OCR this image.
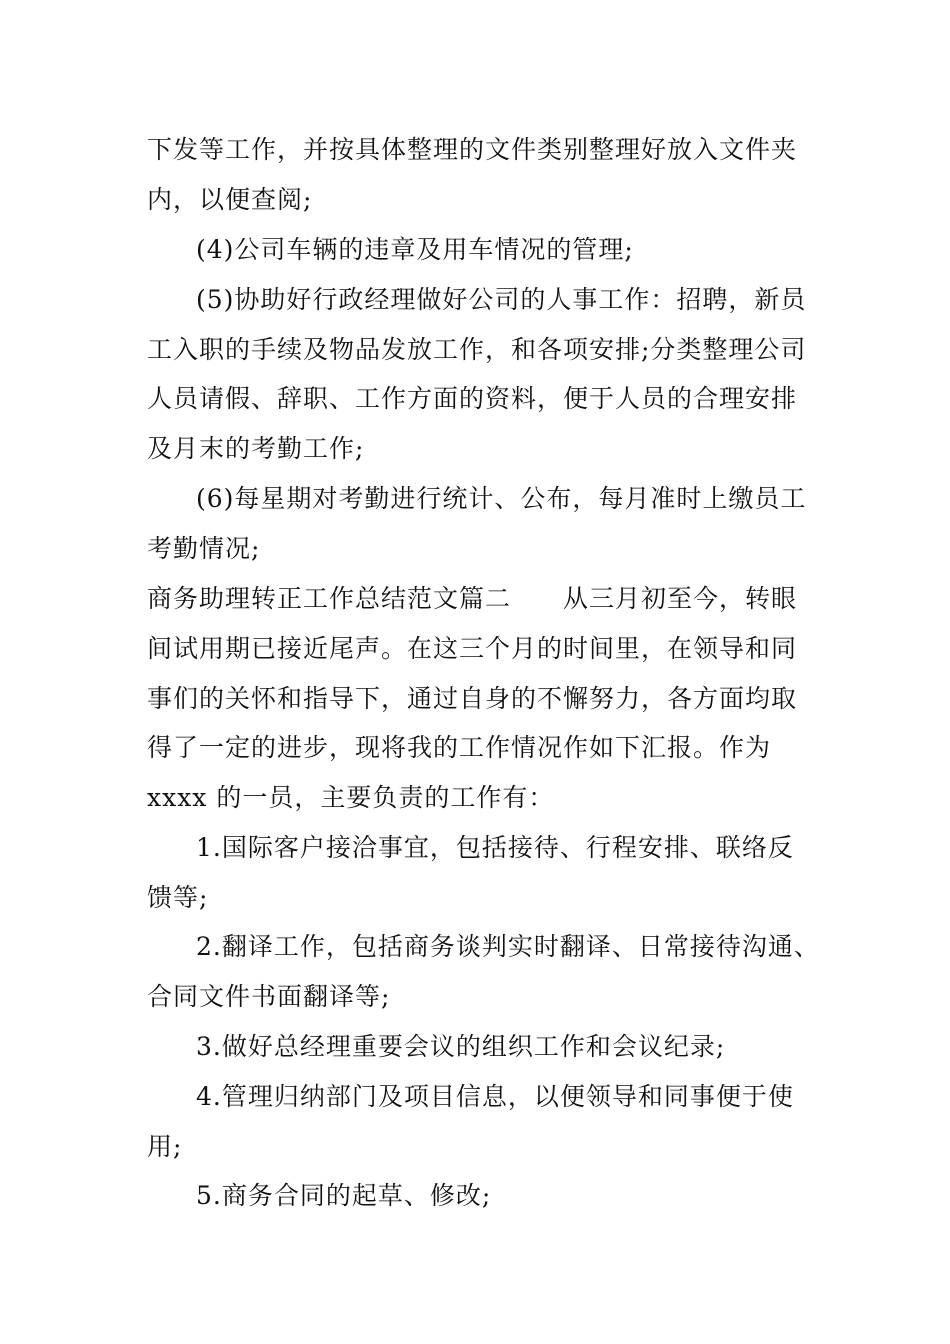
下发等工作，并按具体整理的文件类别整理好放入文件夹
内，以便查阅;
(4)公司车辆的违章及用车情况的管理;
(5)协助好行政经理做好公司的人事工作：招聘，新员
工入职的手续及物品发放工作，和各项安排;分类整理公司
人员请假、辞职、工作方面的资料，便于人员的合理安排
及月末的考勤工作;
(6)每星期对考勤进行统计、公布，每月准时上缴员工
考勤情况;
商务助理转正工作总结范文篇二　　从三月初至今，转眼
间试用期已接近尾声。在这三个月的时间里，在领导和同
事们的关怀和指导下，通过自身的不懈努力，各方面均取
得了一定的进步，现将我的工作情况作如下汇报。作为
xxxx 的一员，主要负责的工作有：
1.国际客户接洽事宜，包括接待、行程安排、联络反
馈等;
2.翻译工作，包括商务谈判实时翻译、日常接待沟通、
合同文件书面翻译等;
3.做好总经理重要会议的组织工作和会议纪录;
4.管理归纳部门及项目信息，以便领导和同事便于使
用;
5.商务合同的起草、修改;
